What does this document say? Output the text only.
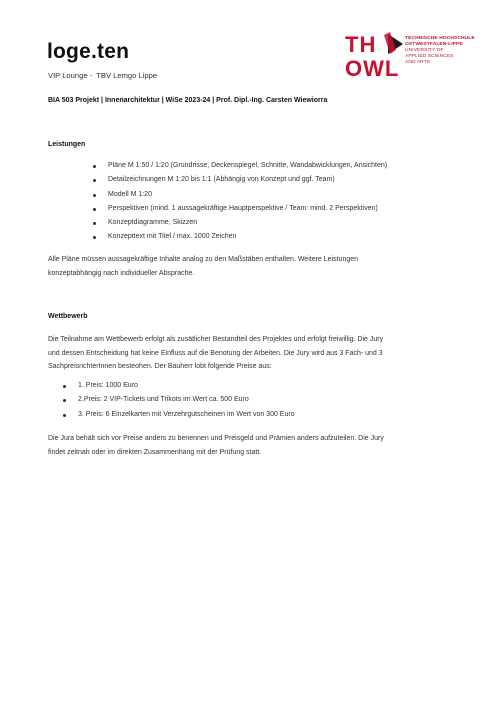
loge.ten
VIP Lounge -  TBV Lemgo Lippe
TH
OWL
TECHNISCHE HOCHSCHULE
OSTWESTFALEN-LIPPE
UNIVERSITY OF
APPLIED SCIENCES
AND ARTS
BIA 503 Projekt | Innenarchitektur | WiSe 2023-24 | Prof. Dipl.-Ing. Carsten Wiewiorra
Leistungen
Pläne M 1:50 / 1:20 (Grundrisse, Deckenspiegel, Schnitte, Wandabwicklungen, Ansichten)
Detailzeichnungen M 1:20 bis 1:1 (Abhängig von Konzept und ggf. Team)
Modell M 1:20
Perspektiven (mind. 1 aussagekräftige Hauptperspektive / Team: mind. 2 Perspektiven)
Konzeptdiagramme, Skizzen
Konzepttext mit Titel / max. 1000 Zeichen
Alle Pläne müssen aussagekräftige Inhalte analog zu den Maßstäben enthalten. Weitere Leistungen
konzeptabhängig nach individueller Absprache.
Wettbewerb
Die Teilnahme am Wettbewerb erfolgt als zusätlicher Bestandteil des Projektes und erfolgt freiwillig. Die Jury
und dessen Entscheidung hat keine Einfluss auf die Benotung der Arbeiten. Die Jury wird aus 3 Fach- und 3
SachpreisrichterInnen besteohen. Der Bauherr lobt folgende Preise aus:
1. Preis: 1000 Euro
2.Preis: 2 VIP-Tickets und Trikots im Wert ca. 500 Euro
3. Preis: 6 Einzelkarten mit Verzehrgutscheinen im Wert von 300 Euro
Die Jura behält sich vor Preise anders zu benennen und Preisgeld und Prämien anders aufzuteilen. Die Jury
findet zeitnah oder im direkten Zusammenhang mit der Prüfung statt.
